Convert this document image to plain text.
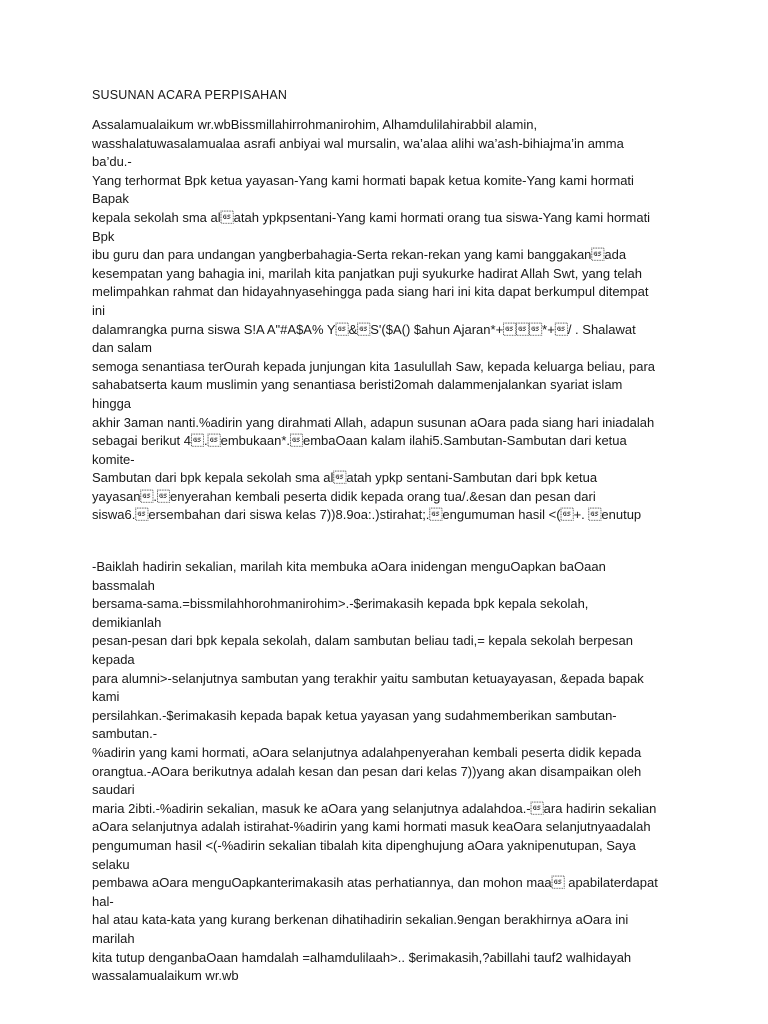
SUSUNAN ACARA PERPISAHAN

Assalamualaikum wr.wbBissmillahirrohmanirohim, Alhamdulilahirabbil alamin,
wasshalatuwasalamualaa asrafi anbiyai wal mursalin, wa’alaa alihi wa’ash-bihiajma’in amma ba’du.-
Yang terhormat Bpk ketua yayasan-Yang kami hormati bapak ketua komite-Yang kami hormati Bapak
kepala sekolah sma alatah ypkpsentani-Yang kami hormati orang tua siswa-Yang kami hormati Bpk
ibu guru dan para undangan yangberbahagia-Serta rekan-rekan yang kami banggakanada
kesempatan yang bahagia ini, marilah kita panjatkan puji syukurke hadirat Allah Swt, yang telah
melimpahkan rahmat dan hidayahnyasehingga pada siang hari ini kita dapat berkumpul ditempat ini
dalamrangka purna siswa S!A A"#A$A% Y&S'($A() $ahun Ajaran*+*+/ . Shalawat dan salam
semoga senantiasa terOurah kepada junjungan kita 1asulullah Saw, kepada keluarga beliau, para
sahabatserta kaum muslimin yang senantiasa beristi2omah dalammenjalankan syariat islam hingga
akhir 3aman nanti.%adirin yang dirahmati Allah, adapun susunan aOara pada siang hari iniadalah
sebagai berikut 4.embukaan*.embaOaan kalam ilahi5.Sambutan-Sambutan dari ketua komite-
Sambutan dari bpk kepala sekolah sma alatah ypkp sentani-Sambutan dari bpk ketua
yayasan.enyerahan kembali peserta didik kepada orang tua/.&esan dan pesan dari
siswa6.ersembahan dari siswa kelas 7))8.9oa:.)stirahat;.engumuman hasil <(+. enutup

-Baiklah hadirin sekalian, marilah kita membuka aOara inidengan menguOapkan baOaan bassmalah
bersama-sama.=bissmilahhorohmanirohim>.-$erimakasih kepada bpk kepala sekolah, demikianlah
pesan-pesan dari bpk kepala sekolah, dalam sambutan beliau tadi,= kepala sekolah berpesan kepada
para alumni>-selanjutnya sambutan yang terakhir yaitu sambutan ketuayayasan, &epada bapak kami
persilahkan.-$erimakasih kepada bapak ketua yayasan yang sudahmemberikan sambutan-sambutan.-
%adirin yang kami hormati, aOara selanjutnya adalahpenyerahan kembali peserta didik kepada
orangtua.-AOara berikutnya adalah kesan dan pesan dari kelas 7))yang akan disampaikan oleh saudari
maria 2ibti.-%adirin sekalian, masuk ke aOara yang selanjutnya adalahdoa.-ara hadirin sekalian
aOara selanjutnya adalah istirahat-%adirin yang kami hormati masuk keaOara selanjutnyaadalah
pengumuman hasil <(-%adirin sekalian tibalah kita dipenghujung aOara yaknipenutupan, Saya selaku
pembawa aOara menguOapkanterimakasih atas perhatiannya, dan mohon maa apabilaterdapat hal-
hal atau kata-kata yang kurang berkenan dihatihadirin sekalian.9engan berakhirnya aOara ini marilah
kita tutup denganbaOaan hamdalah =alhamdulilaah>.. $erimakasih,?abillahi tauf2 walhidayah
wassalamualaikum wr.wb
